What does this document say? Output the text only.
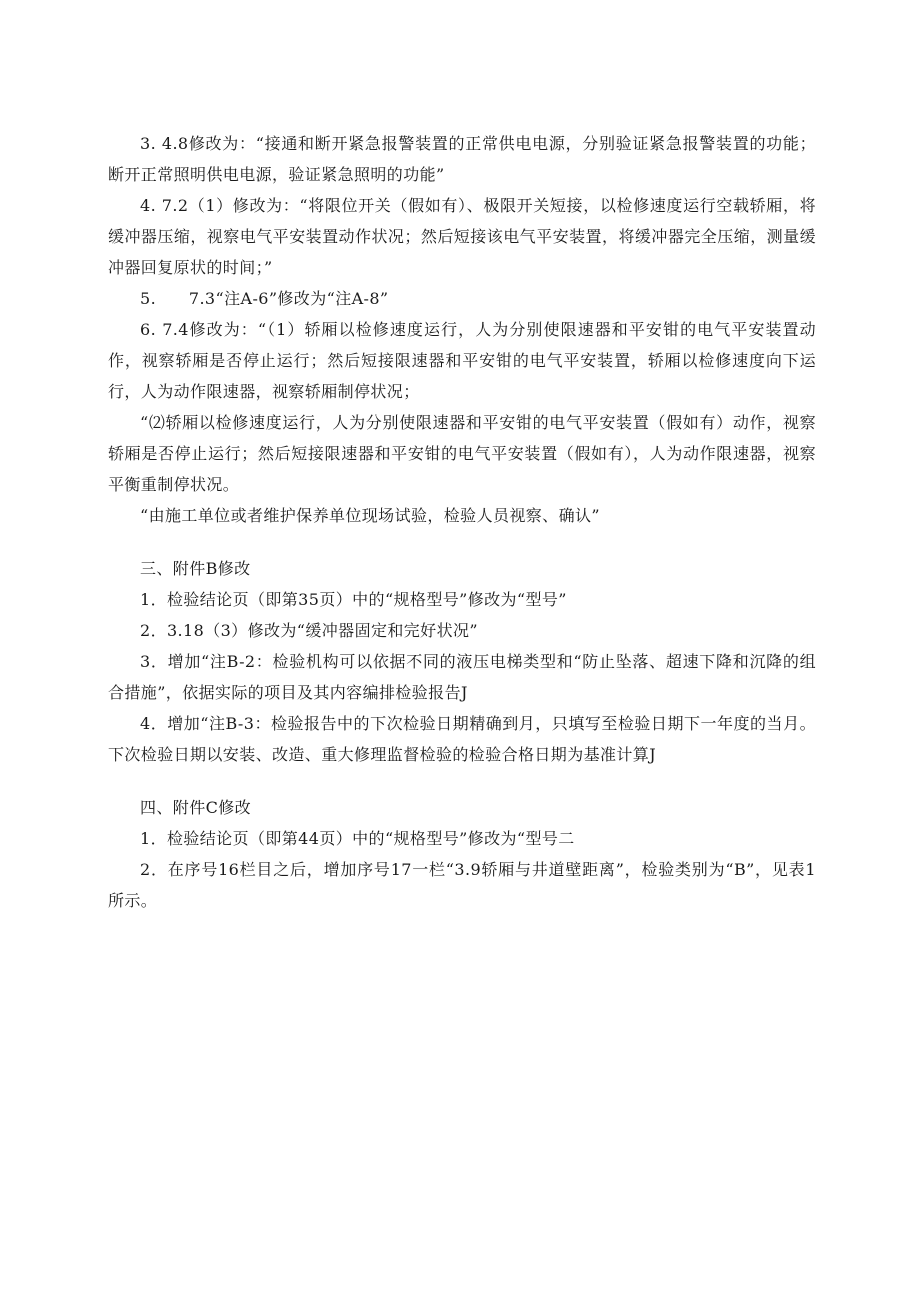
3. 4.8修改为：“接通和断开紧急报警装置的正常供电电源，分别验证紧急报警装置的功能；断开正常照明供电电源，验证紧急照明的功能”

4. 7.2（1）修改为：“将限位开关（假如有）、极限开关短接，以检修速度运行空载轿厢，将缓冲器压缩，视察电气平安装置动作状况；然后短接该电气平安装置，将缓冲器完全压缩，测量缓冲器回复原状的时间；”

5.　　7.3“注A-6”修改为“注A-8”

6. 7.4修改为：“（1）轿厢以检修速度运行，人为分别使限速器和平安钳的电气平安装置动作，视察轿厢是否停止运行；然后短接限速器和平安钳的电气平安装置，轿厢以检修速度向下运行，人为动作限速器，视察轿厢制停状况；

“⑵轿厢以检修速度运行，人为分别使限速器和平安钳的电气平安装置（假如有）动作，视察轿厢是否停止运行；然后短接限速器和平安钳的电气平安装置（假如有），人为动作限速器，视察平衡重制停状况。

“由施工单位或者维护保养单位现场试验，检验人员视察、确认”

三、附件B修改

1．检验结论页（即第35页）中的“规格型号”修改为“型号”

2．3.18（3）修改为“缓冲器固定和完好状况”

3．增加“注B-2：检验机构可以依据不同的液压电梯类型和“防止坠落、超速下降和沉降的组合措施”，依据实际的项目及其内容编排检验报告J

4．增加“注B-3：检验报告中的下次检验日期精确到月，只填写至检验日期下一年度的当月。下次检验日期以安装、改造、重大修理监督检验的检验合格日期为基准计算J

四、附件C修改

1．检验结论页（即第44页）中的“规格型号”修改为“型号二

2．在序号16栏目之后，增加序号17一栏“3.9轿厢与井道壁距离”，检验类别为“B”，见表1所示。
